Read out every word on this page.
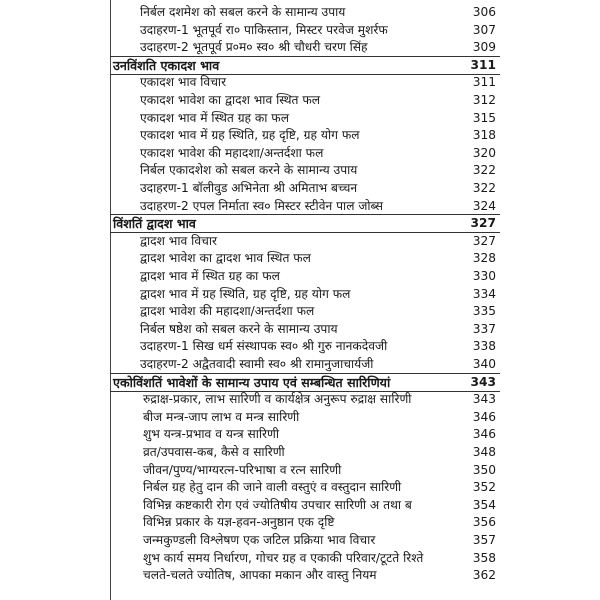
निर्बल दशमेश को सबल करने के सामान्य उपाय	306
उदाहरण-1 भूतपूर्व रा० पाकिस्तान, मिस्टर परवेज मुशर्रफ	307
उदाहरण-2 भूतपूर्व प्र०म० स्व० श्री चौधरी चरण सिंह	309
उनविंशति एकादश भाव	311
एकादश भाव विचार	311
एकादश भावेश का द्वादश भाव स्थित फल	312
एकादश भाव में स्थित ग्रह का फल	315
एकादश भाव में ग्रह स्थिति, ग्रह दृष्टि, ग्रह योग फल	318
एकादश भावेश की महादशा/अन्तर्दशा फल	320
निर्बल एकादशेश को सबल करने के सामान्य उपाय	322
उदाहरण-1 बॉलीवुड अभिनेता श्री अमिताभ बच्चन	322
उदाहरण-2 एपल निर्माता स्व० मिस्टर स्टीवेन पाल जोब्स	324
विंशतिं द्वादश भाव	327
द्वादश भाव विचार	327
द्वादश भावेश का द्वादश भाव स्थित फल	328
द्वादश भाव में स्थित ग्रह का फल	330
द्वादश भाव में ग्रह स्थिति, ग्रह दृष्टि, ग्रह योग फल	334
द्वादश भावेश की महादशा/अन्तर्दशा फल	335
निर्बल षष्ठेश को सबल करने के सामान्य उपाय	337
उदाहरण-1 सिख धर्म संस्थापक स्व० श्री गुरु नानकदेवजी	338
उदाहरण-2 अद्वैतवादी स्वामी स्व० श्री रामानुजाचार्यजी	340
एकोविंशतिं भावेशों के सामान्य उपाय एवं सम्बन्धित सारिणियां	343
रुद्राक्ष-प्रकार, लाभ सारिणी व कार्यक्षेत्र अनुरूप रुद्राक्ष सारिणी	343
बीज मन्त्र-जाप लाभ व मन्त्र सारिणी	346
शुभ यन्त्र-प्रभाव व यन्त्र सारिणी	346
व्रत/उपवास-कब, कैसे व सारिणी	348
जीवन/पुण्य/भाग्यरत्न-परिभाषा व रत्न सारिणी	350
निर्बल ग्रह हेतु दान की जाने वाली वस्तुएं व वस्तुदान सारिणी	352
विभिन्न कष्टकारी रोग एवं ज्योतिषीय उपचार सारिणी अ तथा ब	354
विभिन्न प्रकार के यज्ञ-हवन-अनुष्ठान एक दृष्टि	356
जन्मकुण्डली विश्लेषण एक जटिल प्रक्रिया भाव विचार	357
शुभ कार्य समय निर्धारण, गोचर ग्रह व एकाकी परिवार/टूटते रिश्ते	358
चलते-चलते ज्योतिष, आपका मकान और वास्तु नियम	362
